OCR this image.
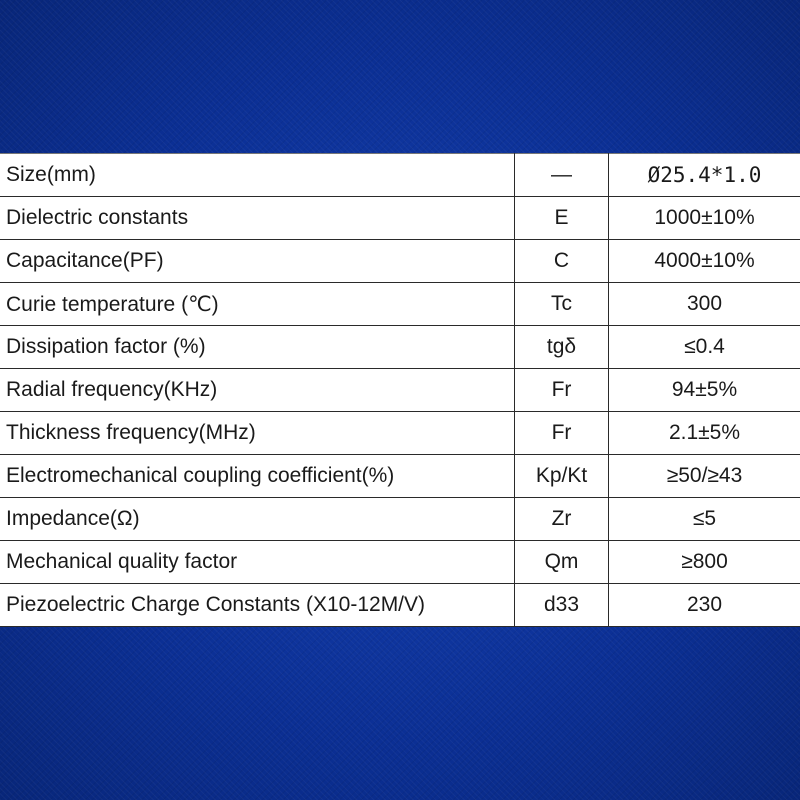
Size(mm)	—	Ø25.4*1.0
Dielectric constants	E	1000±10%
Capacitance(PF)	C	4000±10%
Curie temperature (℃)	Tc	300
Dissipation factor (%)	tgδ	≤0.4
Radial frequency(KHz)	Fr	94±5%
Thickness frequency(MHz)	Fr	2.1±5%
Electromechanical coupling coefficient(%)	Kp/Kt	≥50/≥43
Impedance(Ω)	Zr	≤5
Mechanical quality factor	Qm	≥800
Piezoelectric Charge Constants (X10-12M/V)	d33	230
